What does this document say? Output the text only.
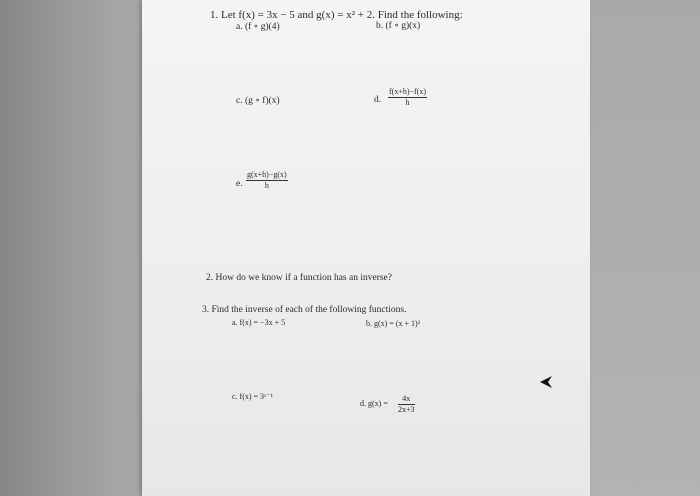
1. Let f(x) = 3x − 5 and g(x) = x² + 2. Find the following:
a. (f ∘ g)(4)	b. (f ∘ g)(x)
c. (g ∘ f)(x)	d. $\frac{f(x+h)-f(x)}{h}$
e. $\frac{g(x+h)-g(x)}{h}$
2. How do we know if a function has an inverse?
3. Find the inverse of each of the following functions.
a. f(x) = −3x + 5	b. g(x) = (x + 1)³
c. f(x) = 3ˣ⁻¹
d. $g(x) = \frac{4x}{2x+3}$
